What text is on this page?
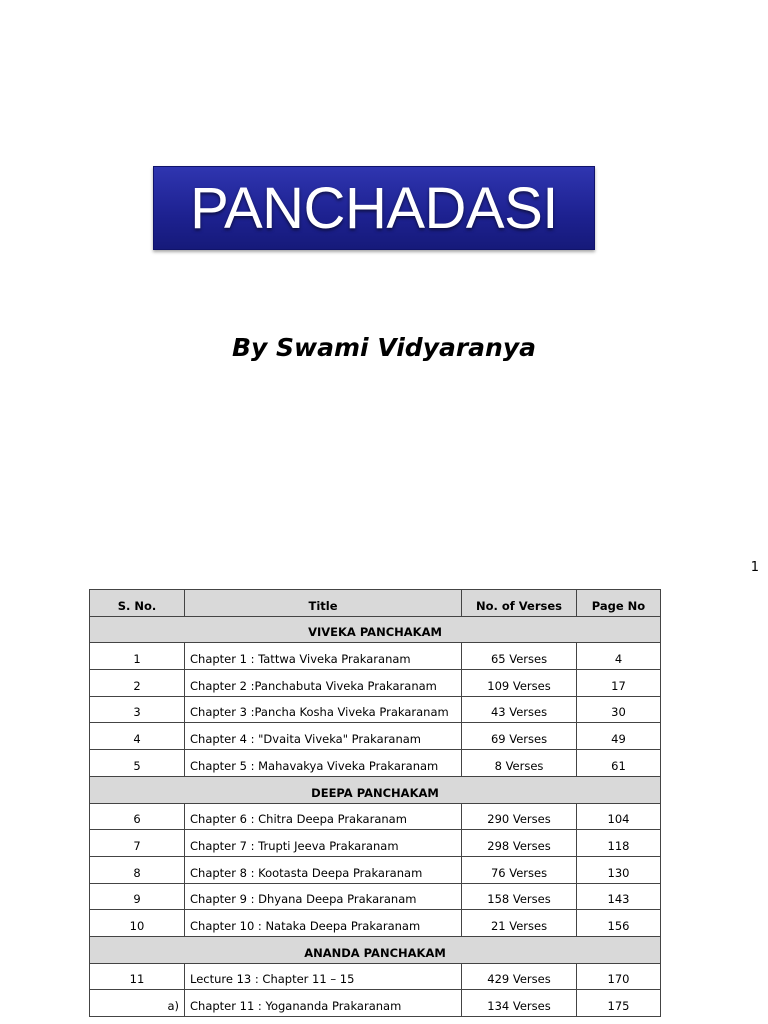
PANCHADASI
By Swami Vidyaranya
1
S. No.	Title	No. of Verses	Page No
VIVEKA PANCHAKAM			
1	Chapter 1 : Tattwa Viveka Prakaranam	65 Verses	4
2	Chapter 2 :Panchabuta Viveka Prakaranam	109 Verses	17
3	Chapter 3 :Pancha Kosha Viveka Prakaranam	43 Verses	30
4	Chapter 4 : "Dvaita Viveka" Prakaranam	69 Verses	49
5	Chapter 5 : Mahavakya Viveka Prakaranam	8 Verses	61
DEEPA PANCHAKAM			
6	Chapter 6 : Chitra Deepa Prakaranam	290 Verses	104
7	Chapter 7 : Trupti Jeeva Prakaranam	298 Verses	118
8	Chapter 8 : Kootasta Deepa Prakaranam	76 Verses	130
9	Chapter 9 : Dhyana Deepa Prakaranam	158 Verses	143
10	Chapter 10 : Nataka Deepa Prakaranam	21 Verses	156
ANANDA PANCHAKAM			
11	Lecture 13 : Chapter 11 – 15	429 Verses	170
a)	Chapter 11 : Yogananda Prakaranam	134 Verses	175
